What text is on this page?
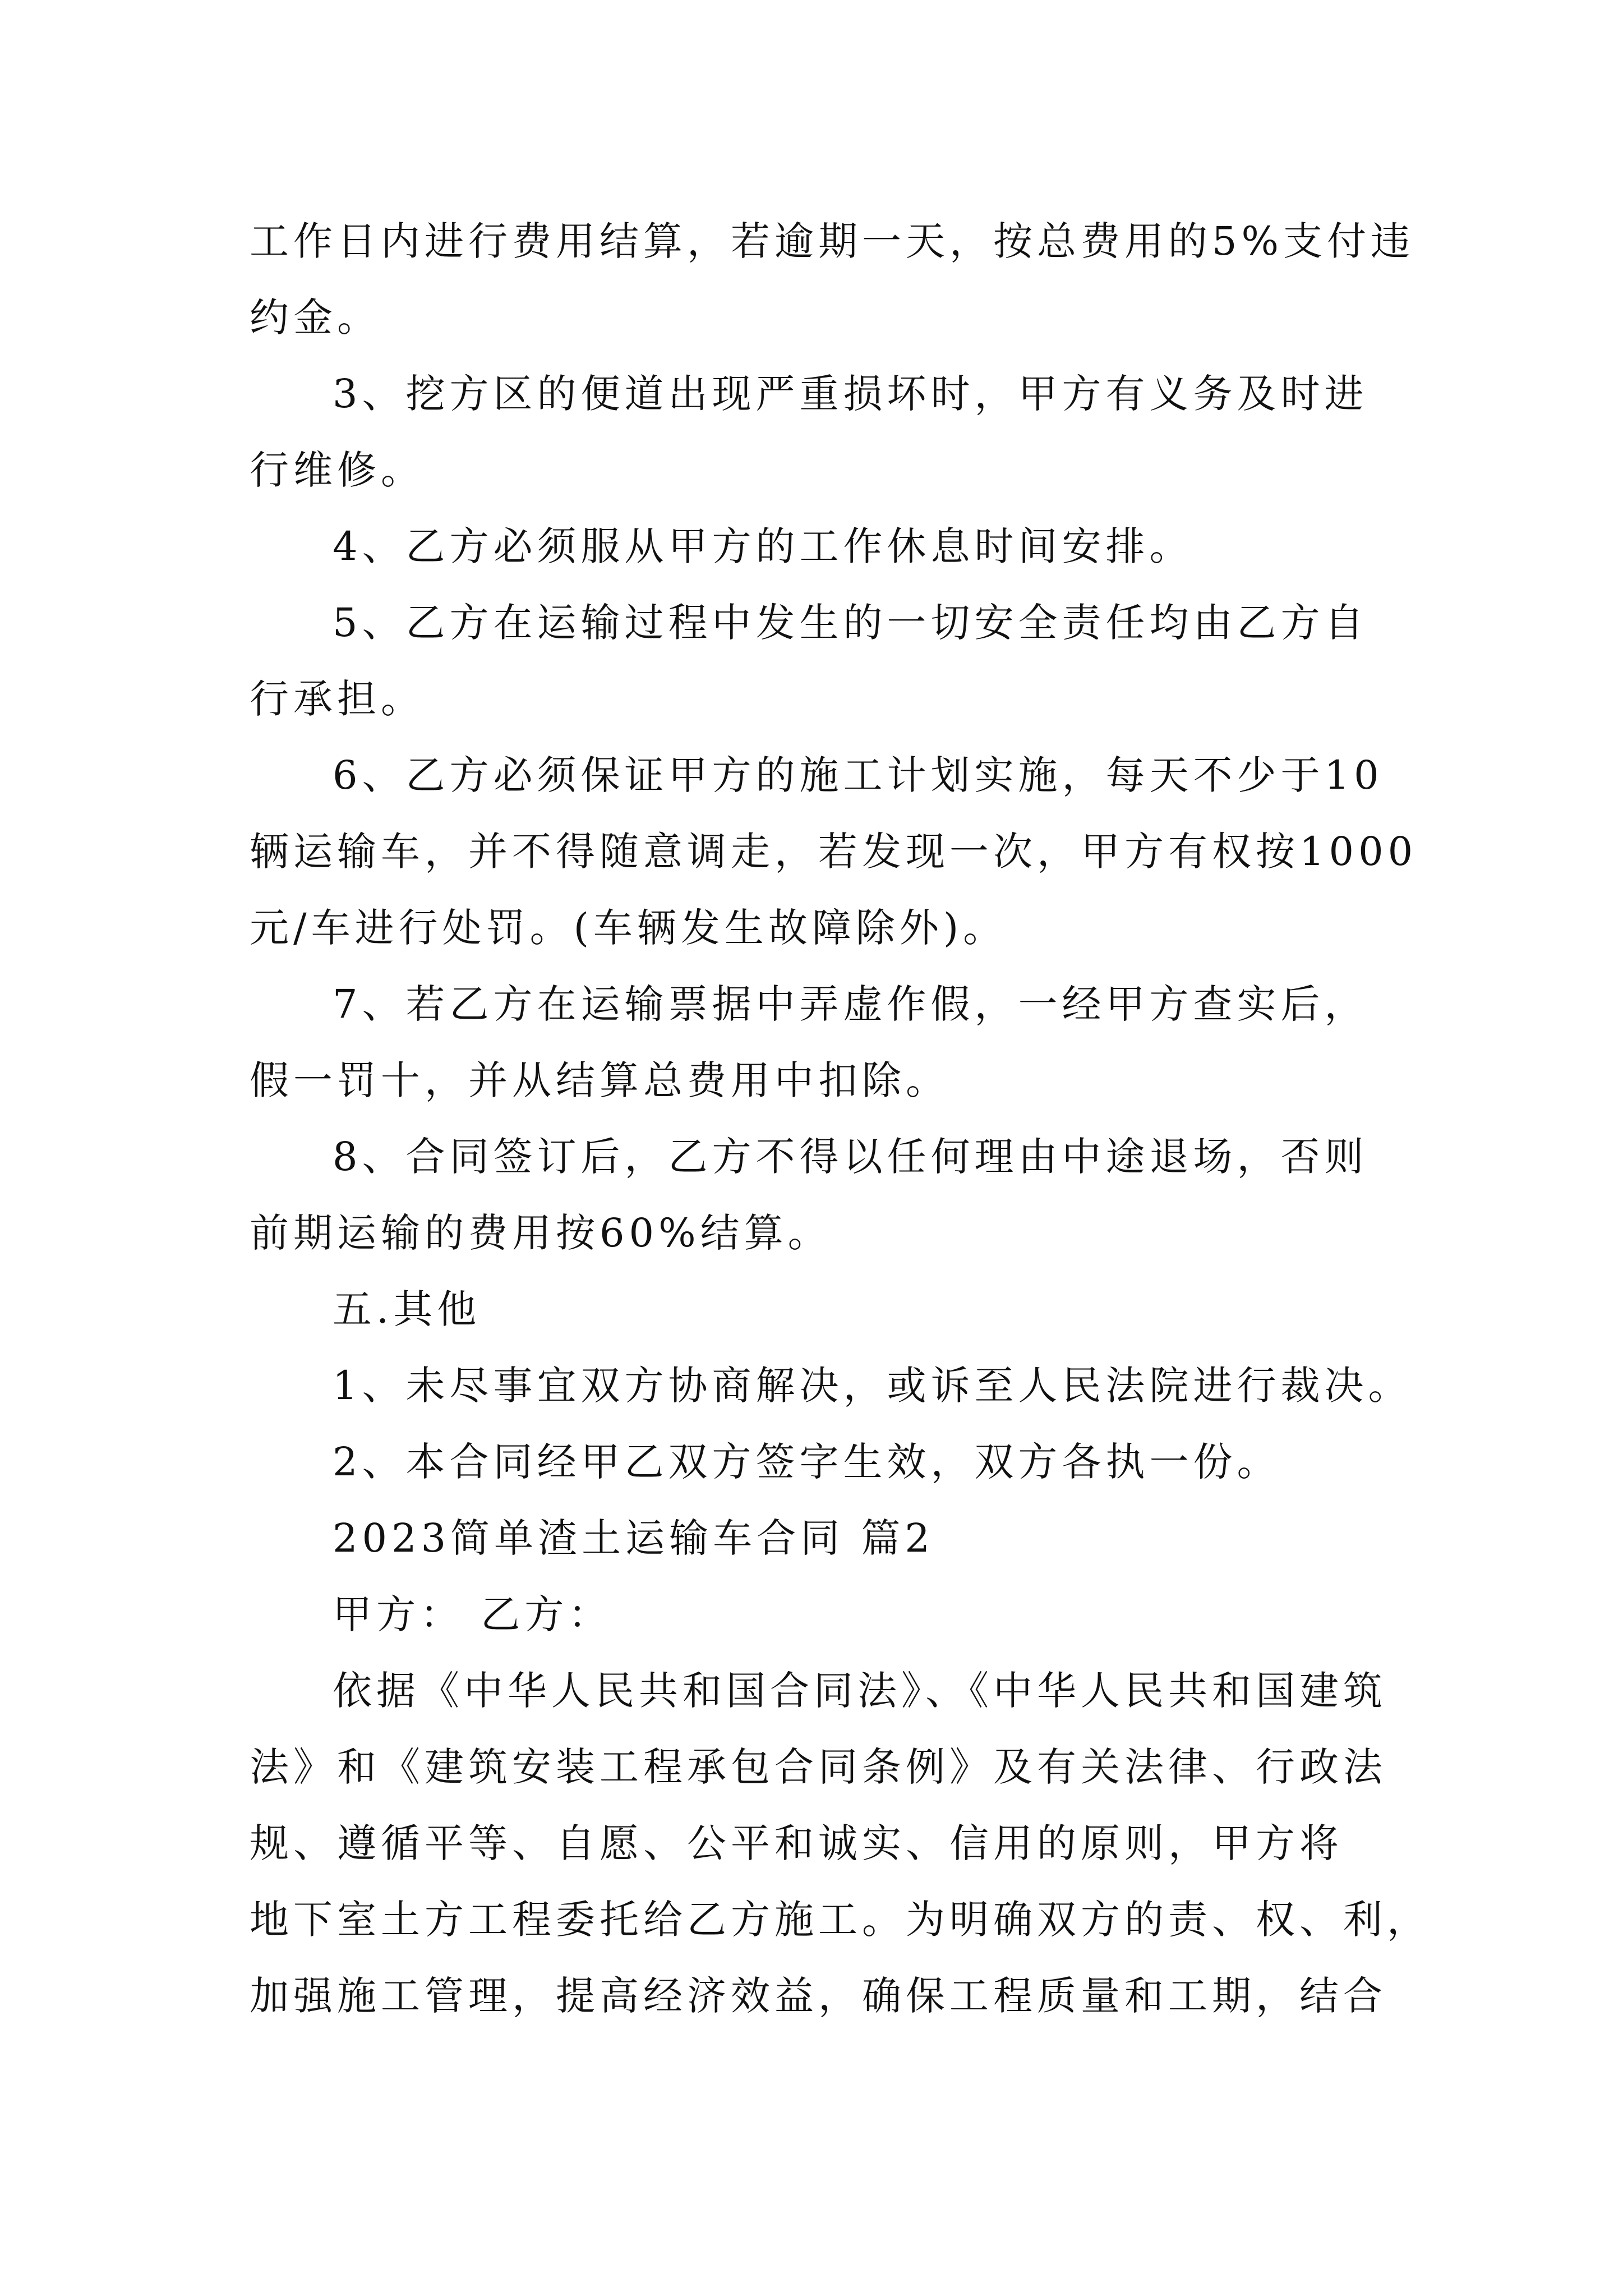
工作日内进行费用结算，若逾期一天，按总费用的5%支付违
约金。
3、挖方区的便道出现严重损坏时，甲方有义务及时进
行维修。
4、乙方必须服从甲方的工作休息时间安排。
5、乙方在运输过程中发生的一切安全责任均由乙方自
行承担。
6、乙方必须保证甲方的施工计划实施，每天不少于10
辆运输车，并不得随意调走，若发现一次，甲方有权按1000
元/车进行处罚。(车辆发生故障除外)。
7、若乙方在运输票据中弄虚作假，一经甲方查实后，
假一罚十，并从结算总费用中扣除。
8、合同签订后，乙方不得以任何理由中途退场，否则
前期运输的费用按60%结算。
五.其他
1、未尽事宜双方协商解决，或诉至人民法院进行裁决。
2、本合同经甲乙双方签字生效，双方各执一份。
2023简单渣土运输车合同 篇2
甲方： 乙方：
依据《中华人民共和国合同法》、《中华人民共和国建筑
法》和《建筑安装工程承包合同条例》及有关法律、行政法
规、遵循平等、自愿、公平和诚实、信用的原则，甲方将
地下室土方工程委托给乙方施工。为明确双方的责、权、利，
加强施工管理，提高经济效益，确保工程质量和工期，结合
